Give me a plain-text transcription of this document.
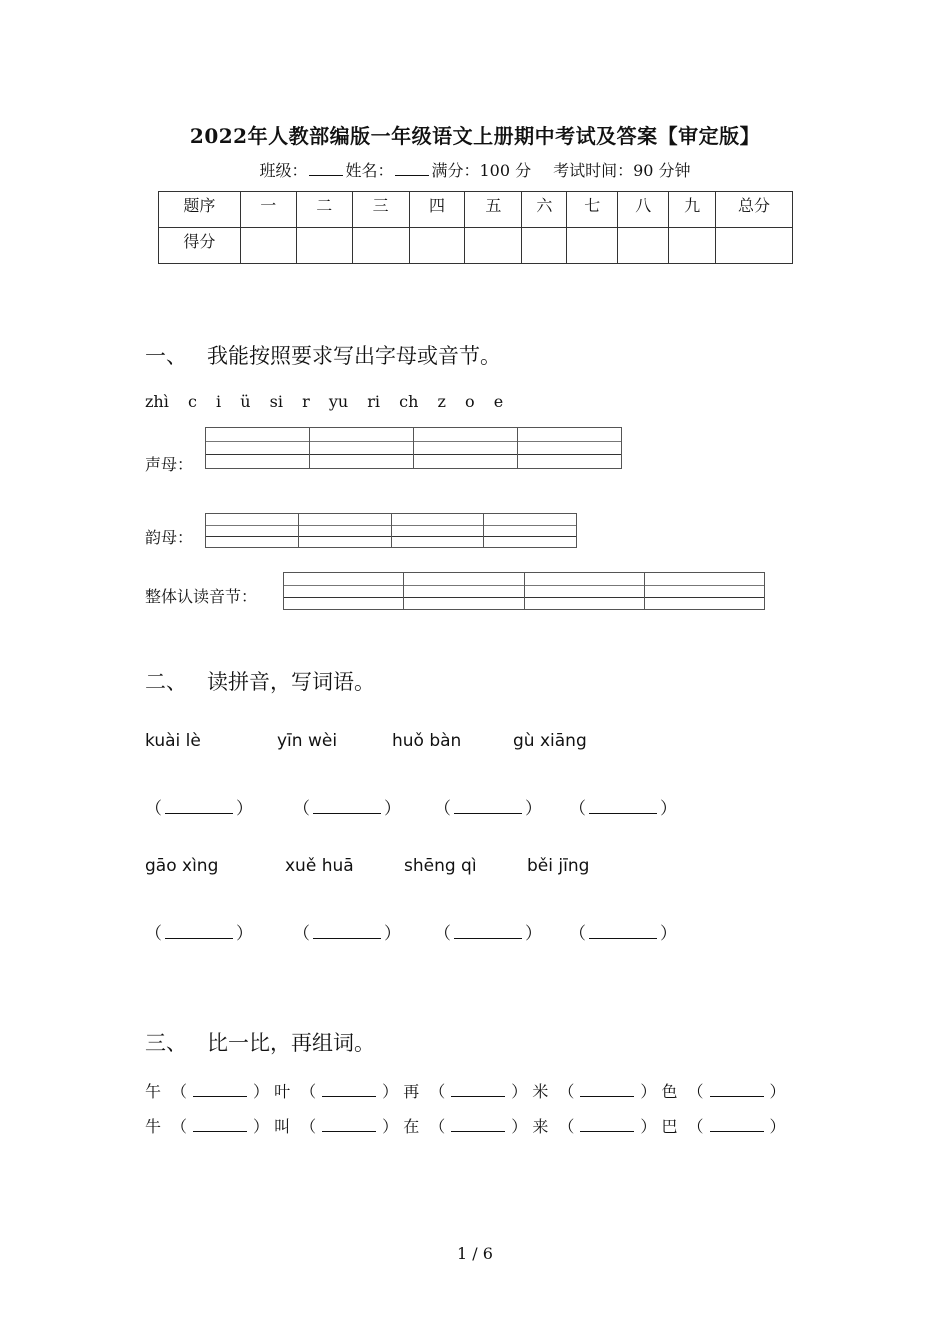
2022年人教部编版一年级语文上册期中考试及答案【审定版】
班级： 姓名： 满分：100 分 考试时间：90 分钟
题序	一	二	三	四	五	六	七	八	九	总分
得分										
一、 我能按照要求写出字母或音节。
zhì c i ü si r yu ri ch z o e
声母：
韵母：
整体认读音节：
二、 读拼音，写词语。
kuài lè	yīn wèi	huǒ bàn	gù xiāng
（	） （	） （	） （	）
gāo xìng	xuě huā	shēng qì	běi jīng
（	） （	） （	） （	）
三、 比一比，再组词。
午 （	） 叶 （	） 再 （	） 米 （	） 色 （	）
牛 （	） 叫 （	） 在 （	） 来 （	） 巴 （	）
1 / 6
